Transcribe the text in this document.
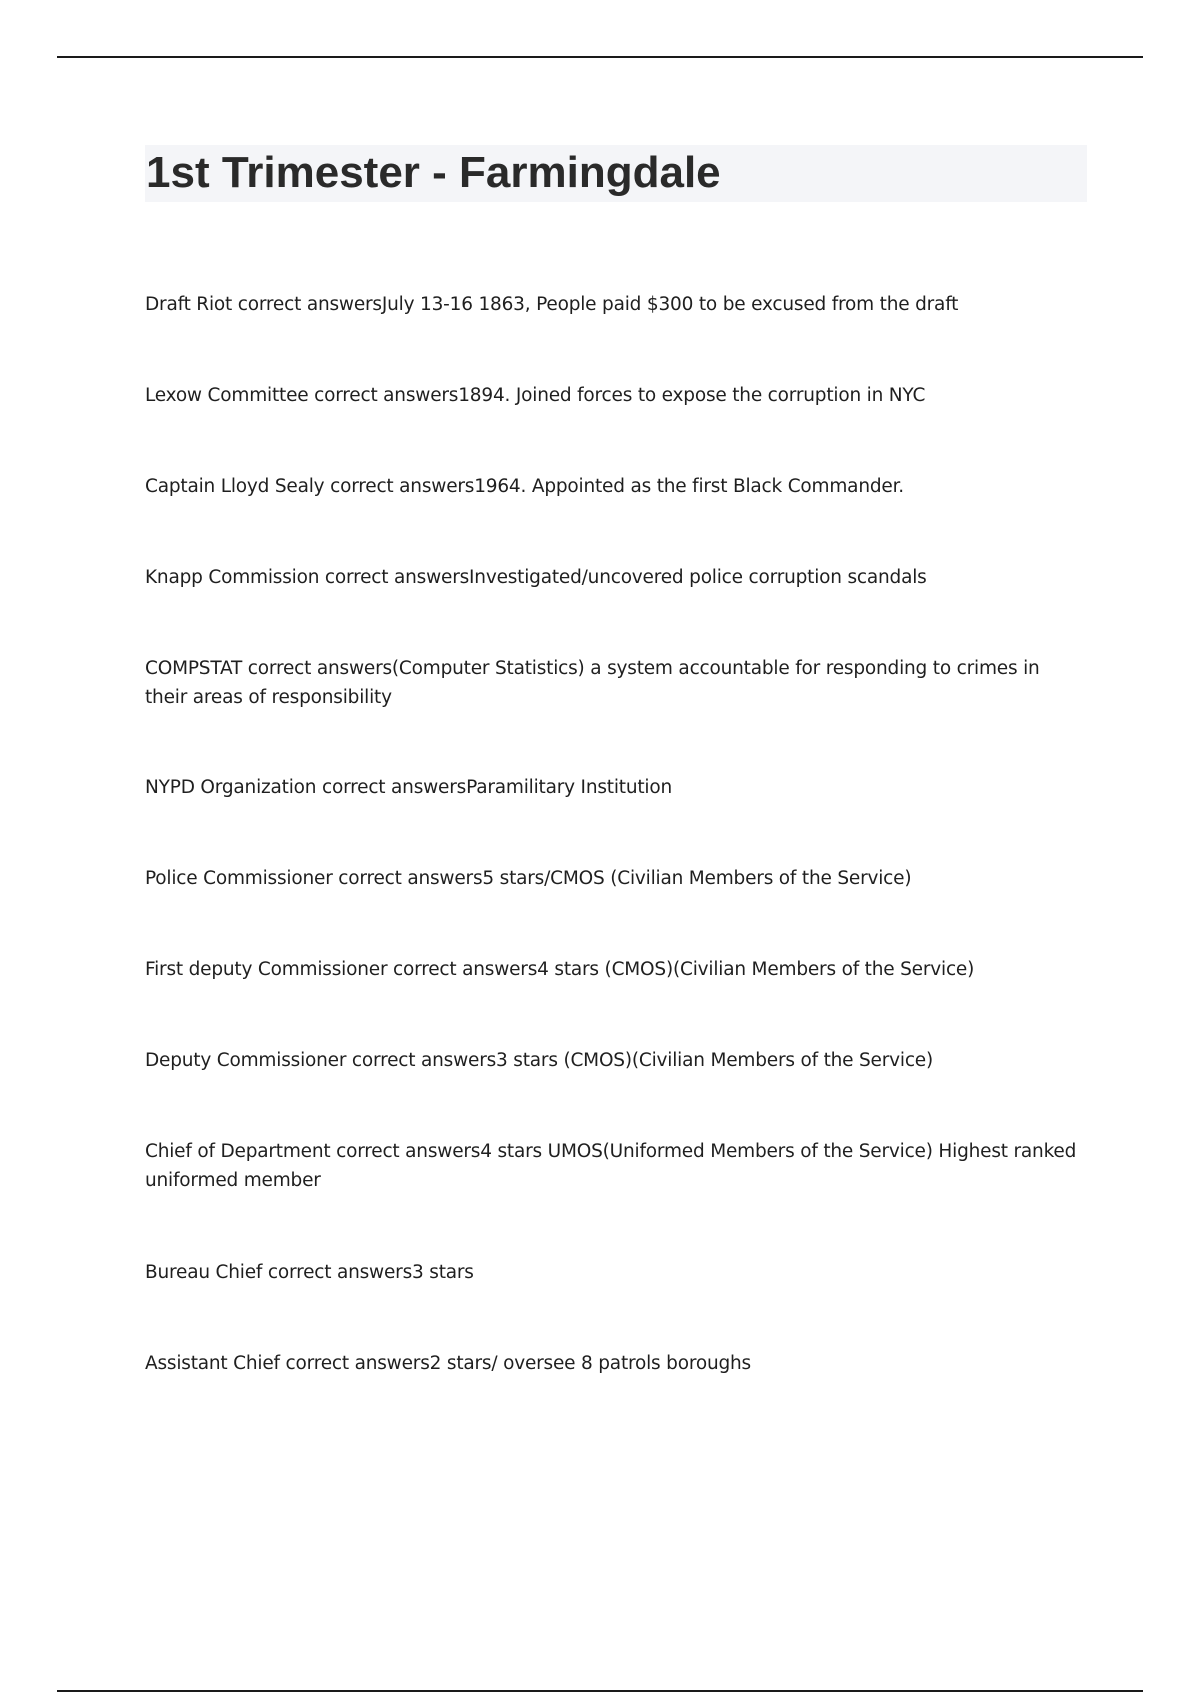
1st Trimester - Farmingdale
Draft Riot correct answersJuly 13-16 1863, People paid $300 to be excused from the draft
Lexow Committee correct answers1894. Joined forces to expose the corruption in NYC
Captain Lloyd Sealy correct answers1964. Appointed as the first Black Commander.
Knapp Commission correct answersInvestigated/uncovered police corruption scandals
COMPSTAT correct answers(Computer Statistics) a system accountable for responding to crimes in their areas of responsibility
NYPD Organization correct answersParamilitary Institution
Police Commissioner correct answers5 stars/CMOS (Civilian Members of the Service)
First deputy Commissioner correct answers4 stars (CMOS)(Civilian Members of the Service)
Deputy Commissioner correct answers3 stars (CMOS)(Civilian Members of the Service)
Chief of Department correct answers4 stars UMOS(Uniformed Members of the Service) Highest ranked uniformed member
Bureau Chief correct answers3 stars
Assistant Chief correct answers2 stars/ oversee 8 patrols boroughs
